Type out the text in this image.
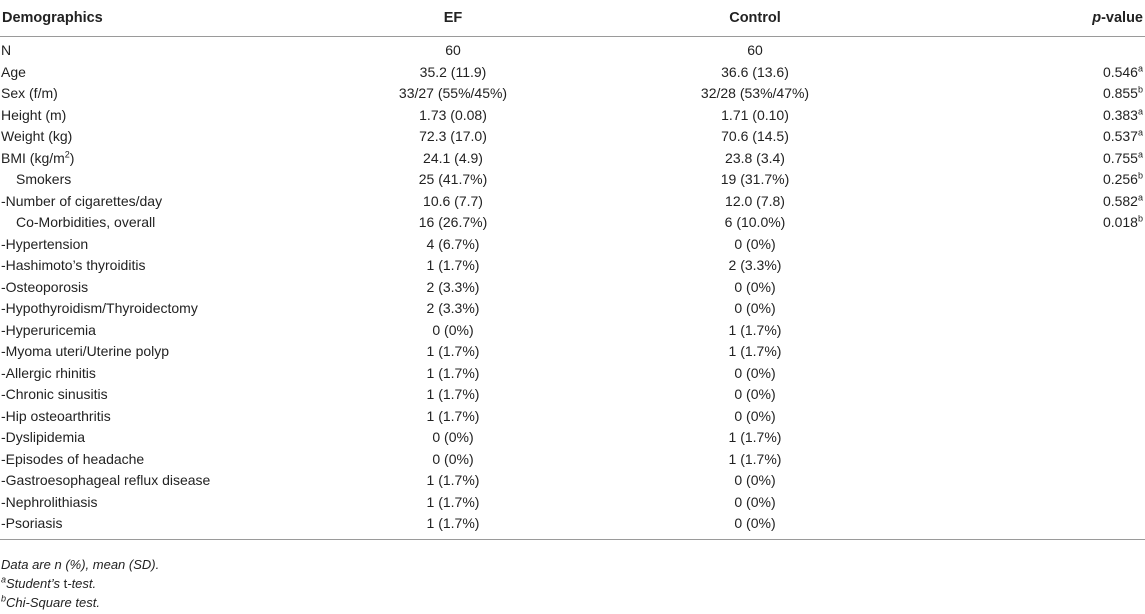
Demographics	EF	Control	p-value
N	60	60	
Age	35.2 (11.9)	36.6 (13.6)	0.546$^a$
Sex (f/m)	33/27 (55%/45%)	32/28 (53%/47%)	0.855$^b$
Height (m)	1.73 (0.08)	1.71 (0.10)	0.383$^a$
Weight (kg)	72.3 (17.0)	70.6 (14.5)	0.537$^a$
BMI $(kg/m^2)$	24.1 (4.9)	23.8 (3.4)	0.755$^a$
Smokers	25 (41.7%)	19 (31.7%)	0.256$^b$
-Number of cigarettes/day	10.6 (7.7)	12.0 (7.8)	0.582$^a$
Co-Morbidities, overall	16 (26.7%)	6 (10.0%)	0.018$^b$
-Hypertension	4 (6.7%)	0 (0%)	
-Hashimoto’s thyroiditis	1 (1.7%)	2 (3.3%)	
-Osteoporosis	2 (3.3%)	0 (0%)	
-Hypothyroidism/Thyroidectomy	2 (3.3%)	0 (0%)	
-Hyperuricemia	0 (0%)	1 (1.7%)	
-Myoma uteri/Uterine polyp	1 (1.7%)	1 (1.7%)	
-Allergic rhinitis	1 (1.7%)	0 (0%)	
-Chronic sinusitis	1 (1.7%)	0 (0%)	
-Hip osteoarthritis	1 (1.7%)	0 (0%)	
-Dyslipidemia	0 (0%)	1 (1.7%)	
-Episodes of headache	0 (0%)	1 (1.7%)	
-Gastroesophageal reflux disease	1 (1.7%)	0 (0%)	
-Nephrolithiasis	1 (1.7%)	0 (0%)	
-Psoriasis	1 (1.7%)	0 (0%)	
Data are n (%), mean (SD).
$^a$Student’s t-test.
$^b$Chi-Square test.
